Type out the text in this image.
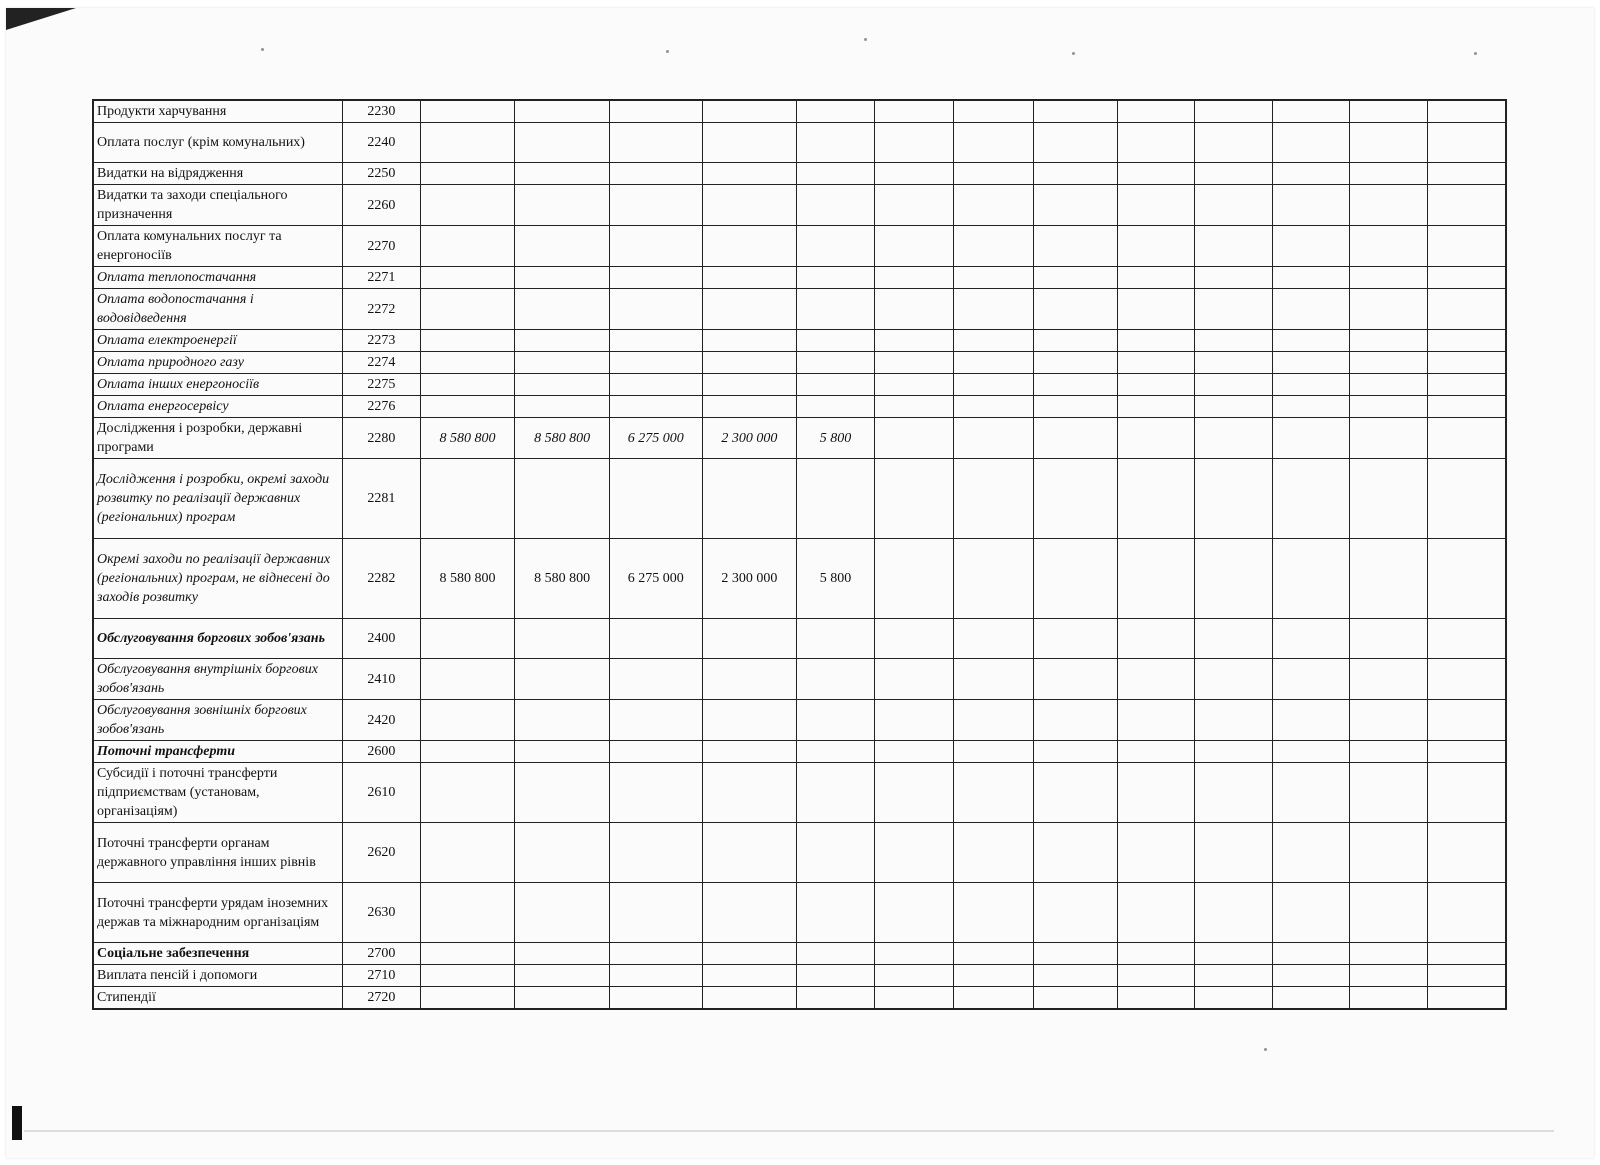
Продукти харчування	2230													
Оплата послуг (крім комунальних)	2240													
Видатки на відрядження	2250													
Видатки та заходи спеціального призначення	2260													
Оплата комунальних послуг та енергоносіїв	2270													
Оплата теплопостачання	2271													
Оплата водопостачання і водовідведення	2272													
Оплата електроенергії	2273													
Оплата природного газу	2274													
Оплата інших енергоносіїв	2275													
Оплата енергосервісу	2276													
Дослідження і розробки, державні програми	2280	8 580 800	8 580 800	6 275 000	2 300 000	5 800								
Дослідження і розробки, окремі заходи розвитку по реалізації державних (регіональних) програм	2281													
Окремі заходи по реалізації державних (регіональних) програм, не віднесені до заходів розвитку	2282	8 580 800	8 580 800	6 275 000	2 300 000	5 800								
Обслуговування боргових зобов'язань	2400													
Обслуговування внутрішніх боргових зобов'язань	2410													
Обслуговування зовнішніх боргових зобов'язань	2420													
Поточні трансферти	2600													
Субсидії і поточні трансферти підприємствам (установам, організаціям)	2610													
Поточні трансферти органам державного управління інших рівнів	2620													
Поточні трансферти урядам іноземних держав та міжнародним організаціям	2630													
Соціальне забезпечення	2700													
Виплата пенсій і допомоги	2710													
Стипендії	2720													
